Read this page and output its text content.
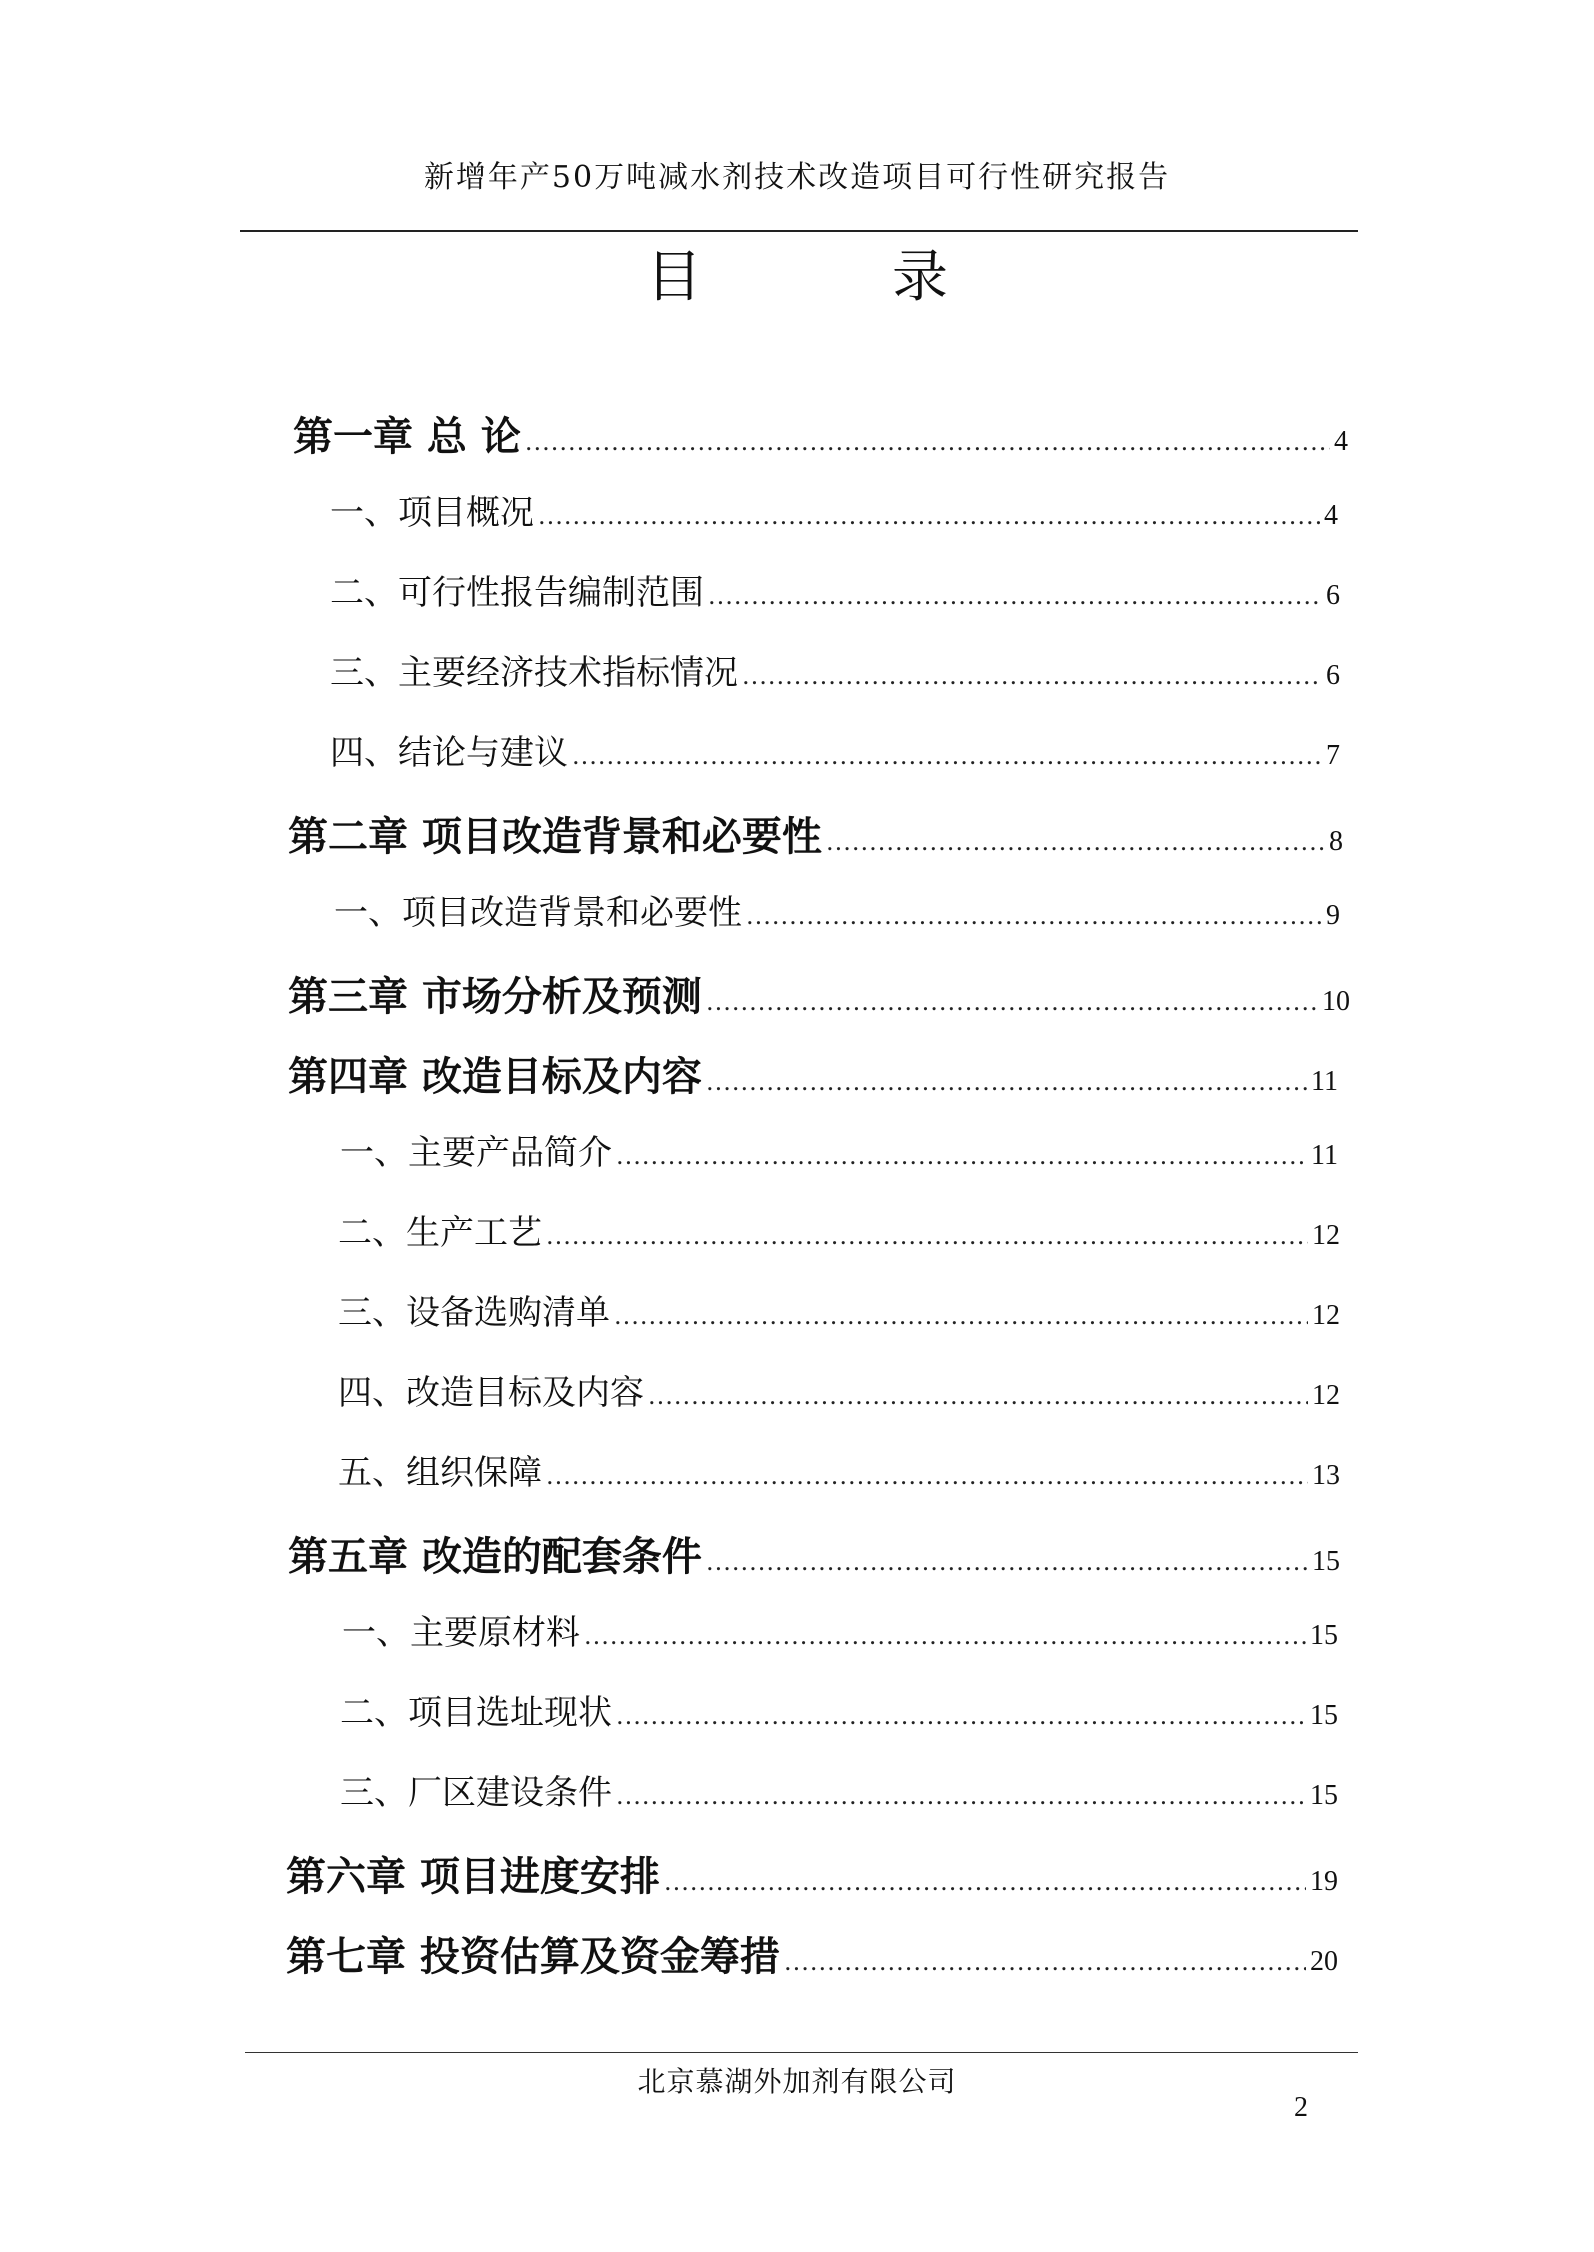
新增年产50万吨减水剂技术改造项目可行性研究报告
目	录
第一章 总 论 .....	4
一、项目概况 .....	4
二、可行性报告编制范围 .....	6
三、主要经济技术指标情况 .....	6
四、结论与建议 .....	7
第二章 项目改造背景和必要性 .....	8
一、项目改造背景和必要性 .....	9
第三章 市场分析及预测 .....	10
第四章 改造目标及内容 .....	11
一、主要产品简介 .....	11
二、生产工艺 .....	12
三、设备选购清单 .....	12
四、改造目标及内容 .....	12
五、组织保障 .....	13
第五章 改造的配套条件 .....	15
一、主要原材料 .....	15
二、项目选址现状 .....	15
三、厂区建设条件 .....	15
第六章 项目进度安排 .....	19
第七章 投资估算及资金筹措 .....	20
北京慕湖外加剂有限公司
2
